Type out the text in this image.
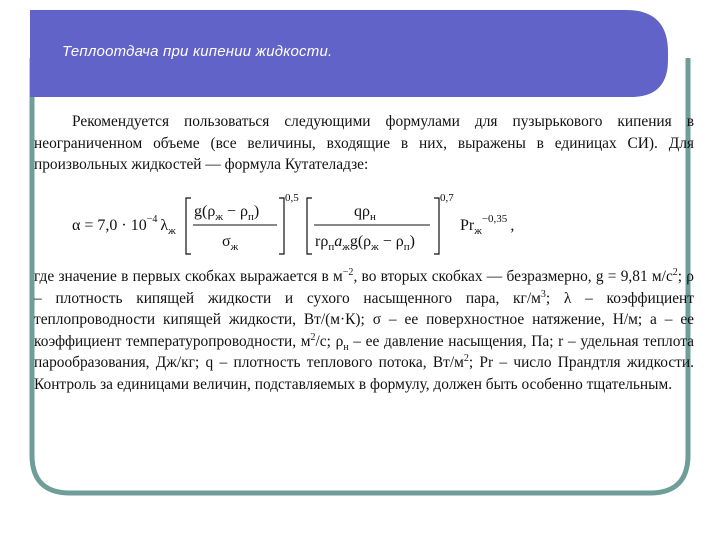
Теплоотдача при кипении жидкости.
Рекомендуется пользоваться следующими формулами для пузырькового кипения в неограниченном объеме (все величины, входящие в них, выражены в единицах СИ). Для произвольных жидкостей — формула Кутателадзе:
$\alpha = 7,0 \cdot 10^{-4}$ $\lambda_ж$
$g(\rho_ж - \rho_п)$
$\sigma_ж$
0,5
$q\rho_н$
$r\rho_пa_жg(\rho_ж - \rho_п)$
0,7
$Pr_ж^{-0,35}$ ,
где значение в первых скобках выражается в $м^{-2}$, во вторых скобках — безразмерно, g = 9,81 $м/с^2$; ρ – плотность кипящей жидкости и сухого насыщенного пара, $кг/м^3$; λ – коэффициент теплопроводности кипящей жидкости, Вт/(м·К); σ – ее поверхностное натяжение, Н/м; a – ее коэффициент температуропроводности, $м^2/с$; $\rho_н$ – ее давление насыщения, Па; r – удельная теплота парообразования, Дж/кг; q – плотность теплового потока, $Вт/м^2$; Pr – число Прандтля жидкости. Контроль за единицами величин, подставляемых в формулу, должен быть особенно тщательным.
